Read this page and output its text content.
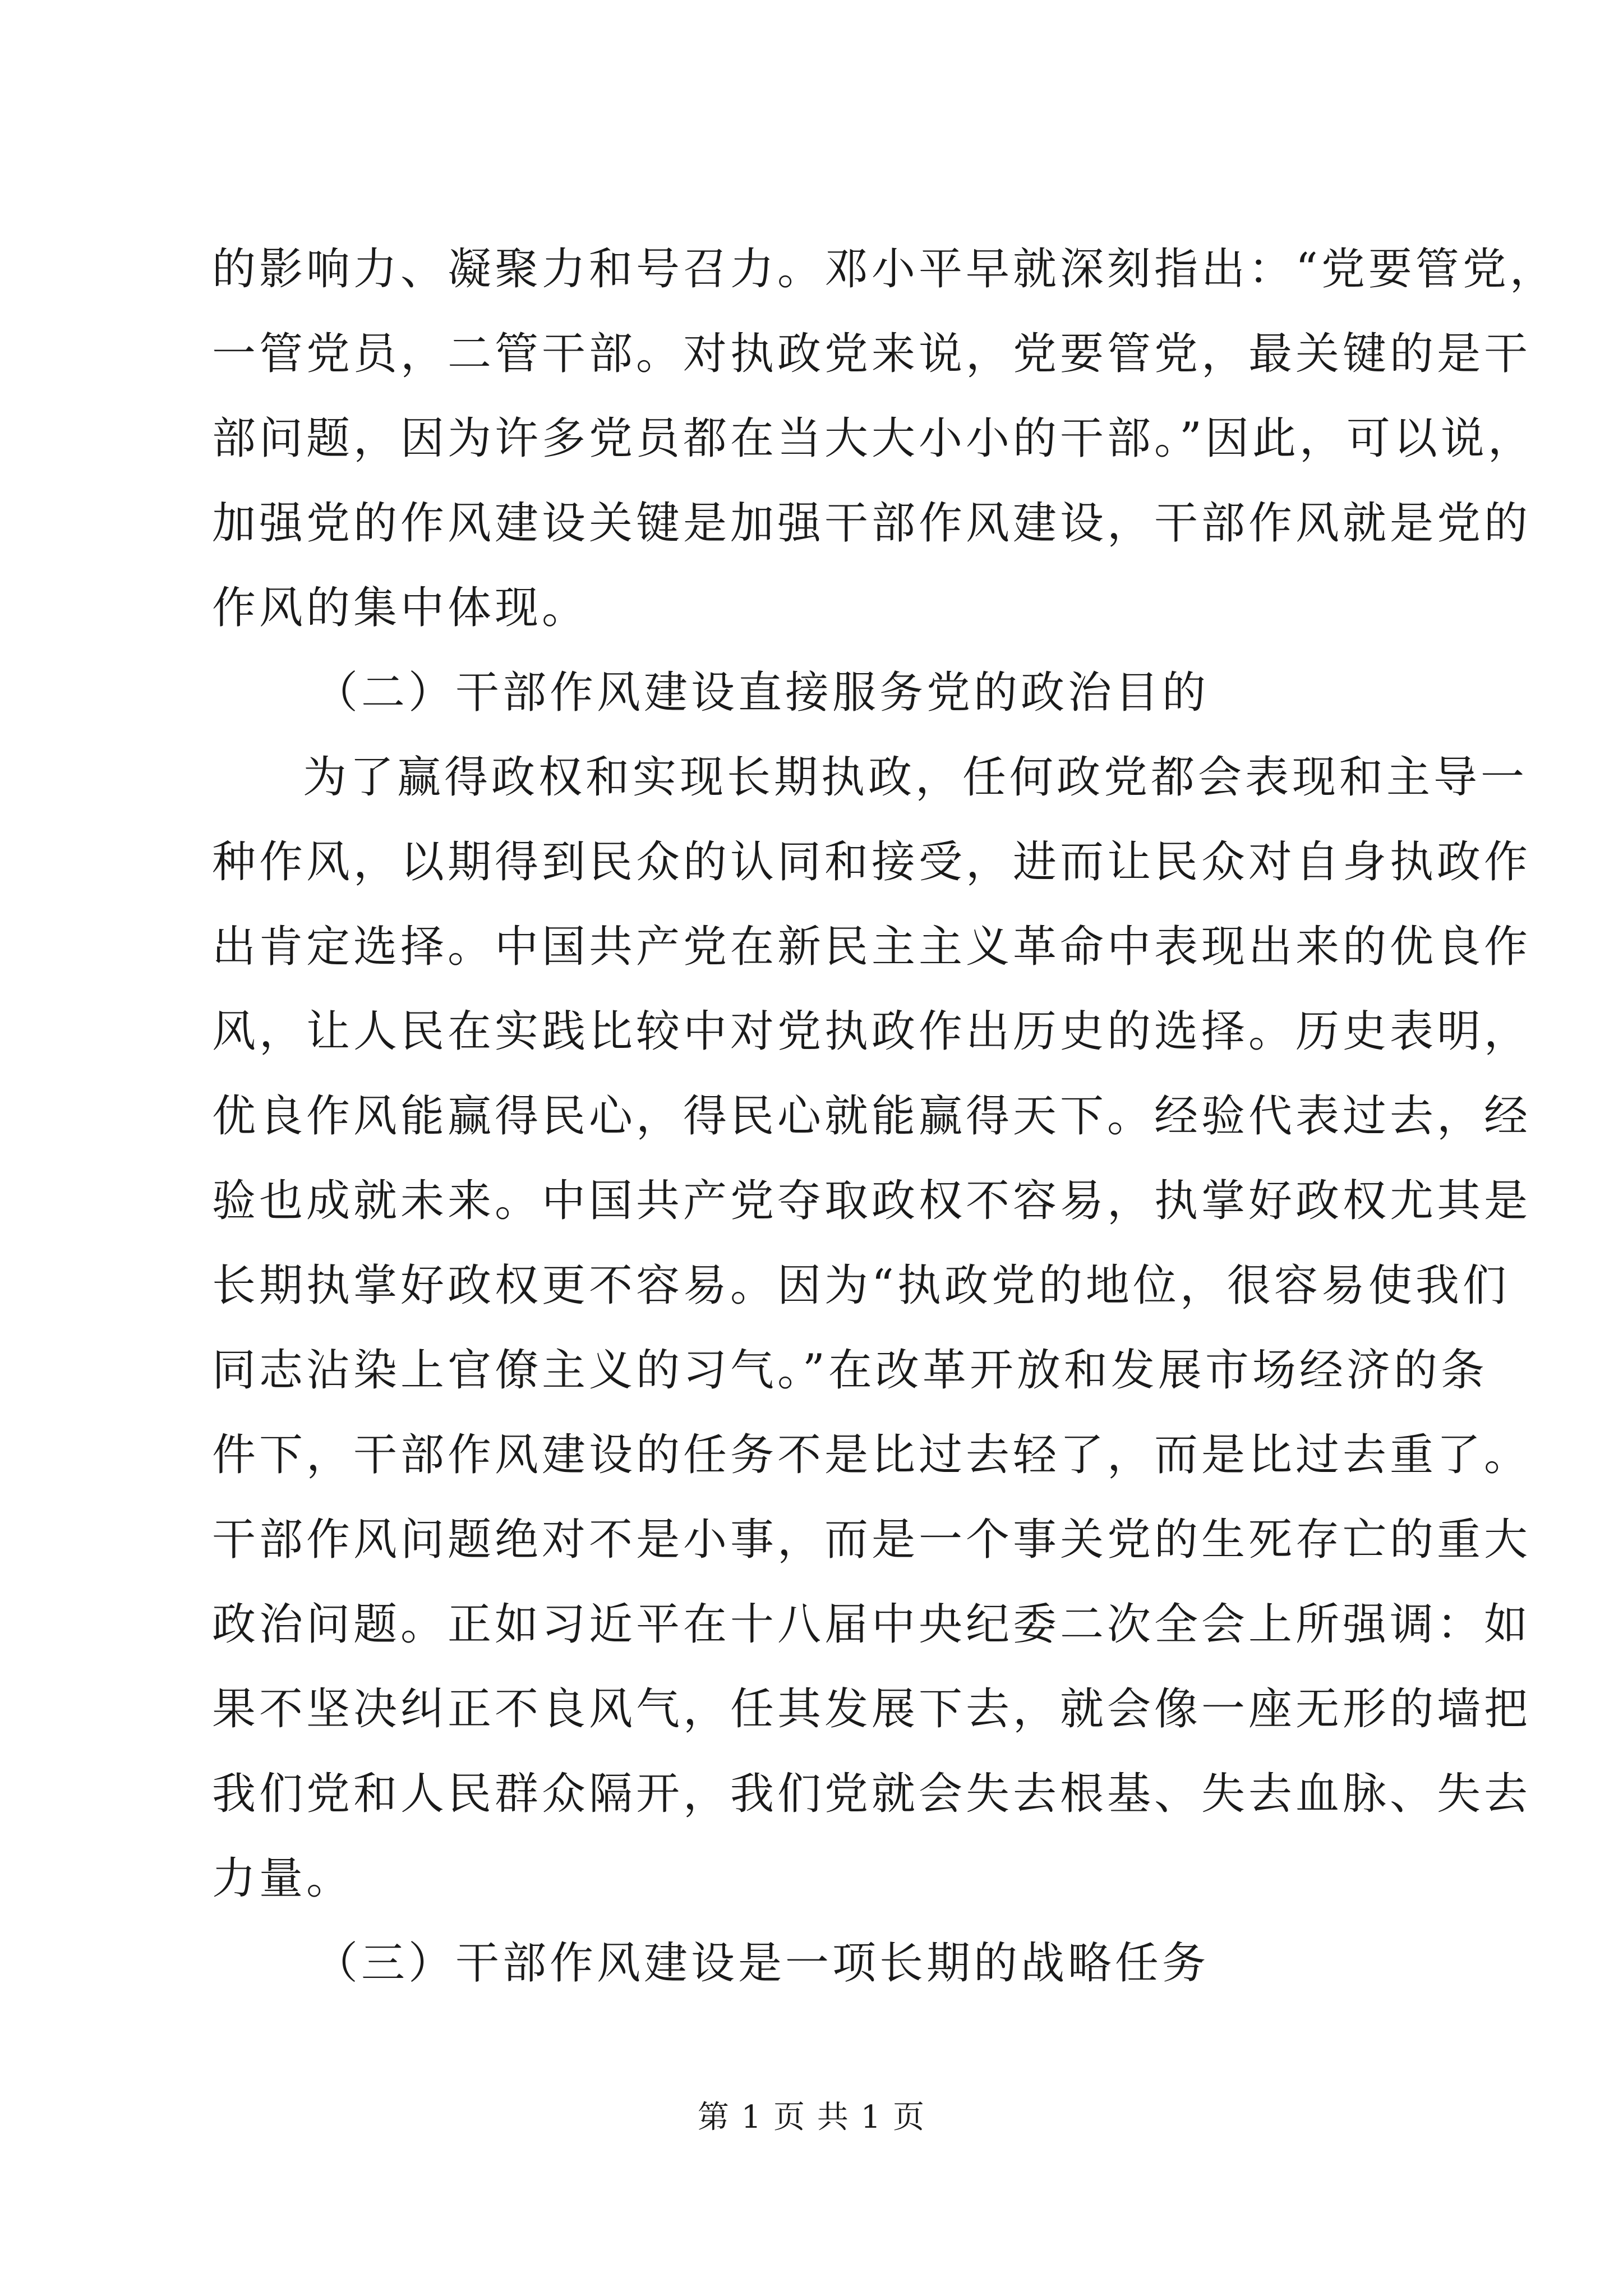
的影响力、凝聚力和号召力。邓小平早就深刻指出：“党要管党，
一管党员，二管干部。对执政党来说，党要管党，最关键的是干
部问题，因为许多党员都在当大大小小的干部。”因此，可以说，
加强党的作风建设关键是加强干部作风建设，干部作风就是党的
作风的集中体现。
（二）干部作风建设直接服务党的政治目的
为了赢得政权和实现长期执政，任何政党都会表现和主导一
种作风，以期得到民众的认同和接受，进而让民众对自身执政作
出肯定选择。中国共产党在新民主主义革命中表现出来的优良作
风，让人民在实践比较中对党执政作出历史的选择。历史表明，
优良作风能赢得民心，得民心就能赢得天下。经验代表过去，经
验也成就未来。中国共产党夺取政权不容易，执掌好政权尤其是
长期执掌好政权更不容易。因为“执政党的地位，很容易使我们
同志沾染上官僚主义的习气。”在改革开放和发展市场经济的条
件下，干部作风建设的任务不是比过去轻了，而是比过去重了。
干部作风问题绝对不是小事，而是一个事关党的生死存亡的重大
政治问题。正如习近平在十八届中央纪委二次全会上所强调：如
果不坚决纠正不良风气，任其发展下去，就会像一座无形的墙把
我们党和人民群众隔开，我们党就会失去根基、失去血脉、失去
力量。
（三）干部作风建设是一项长期的战略任务
第 1 页 共 1 页
